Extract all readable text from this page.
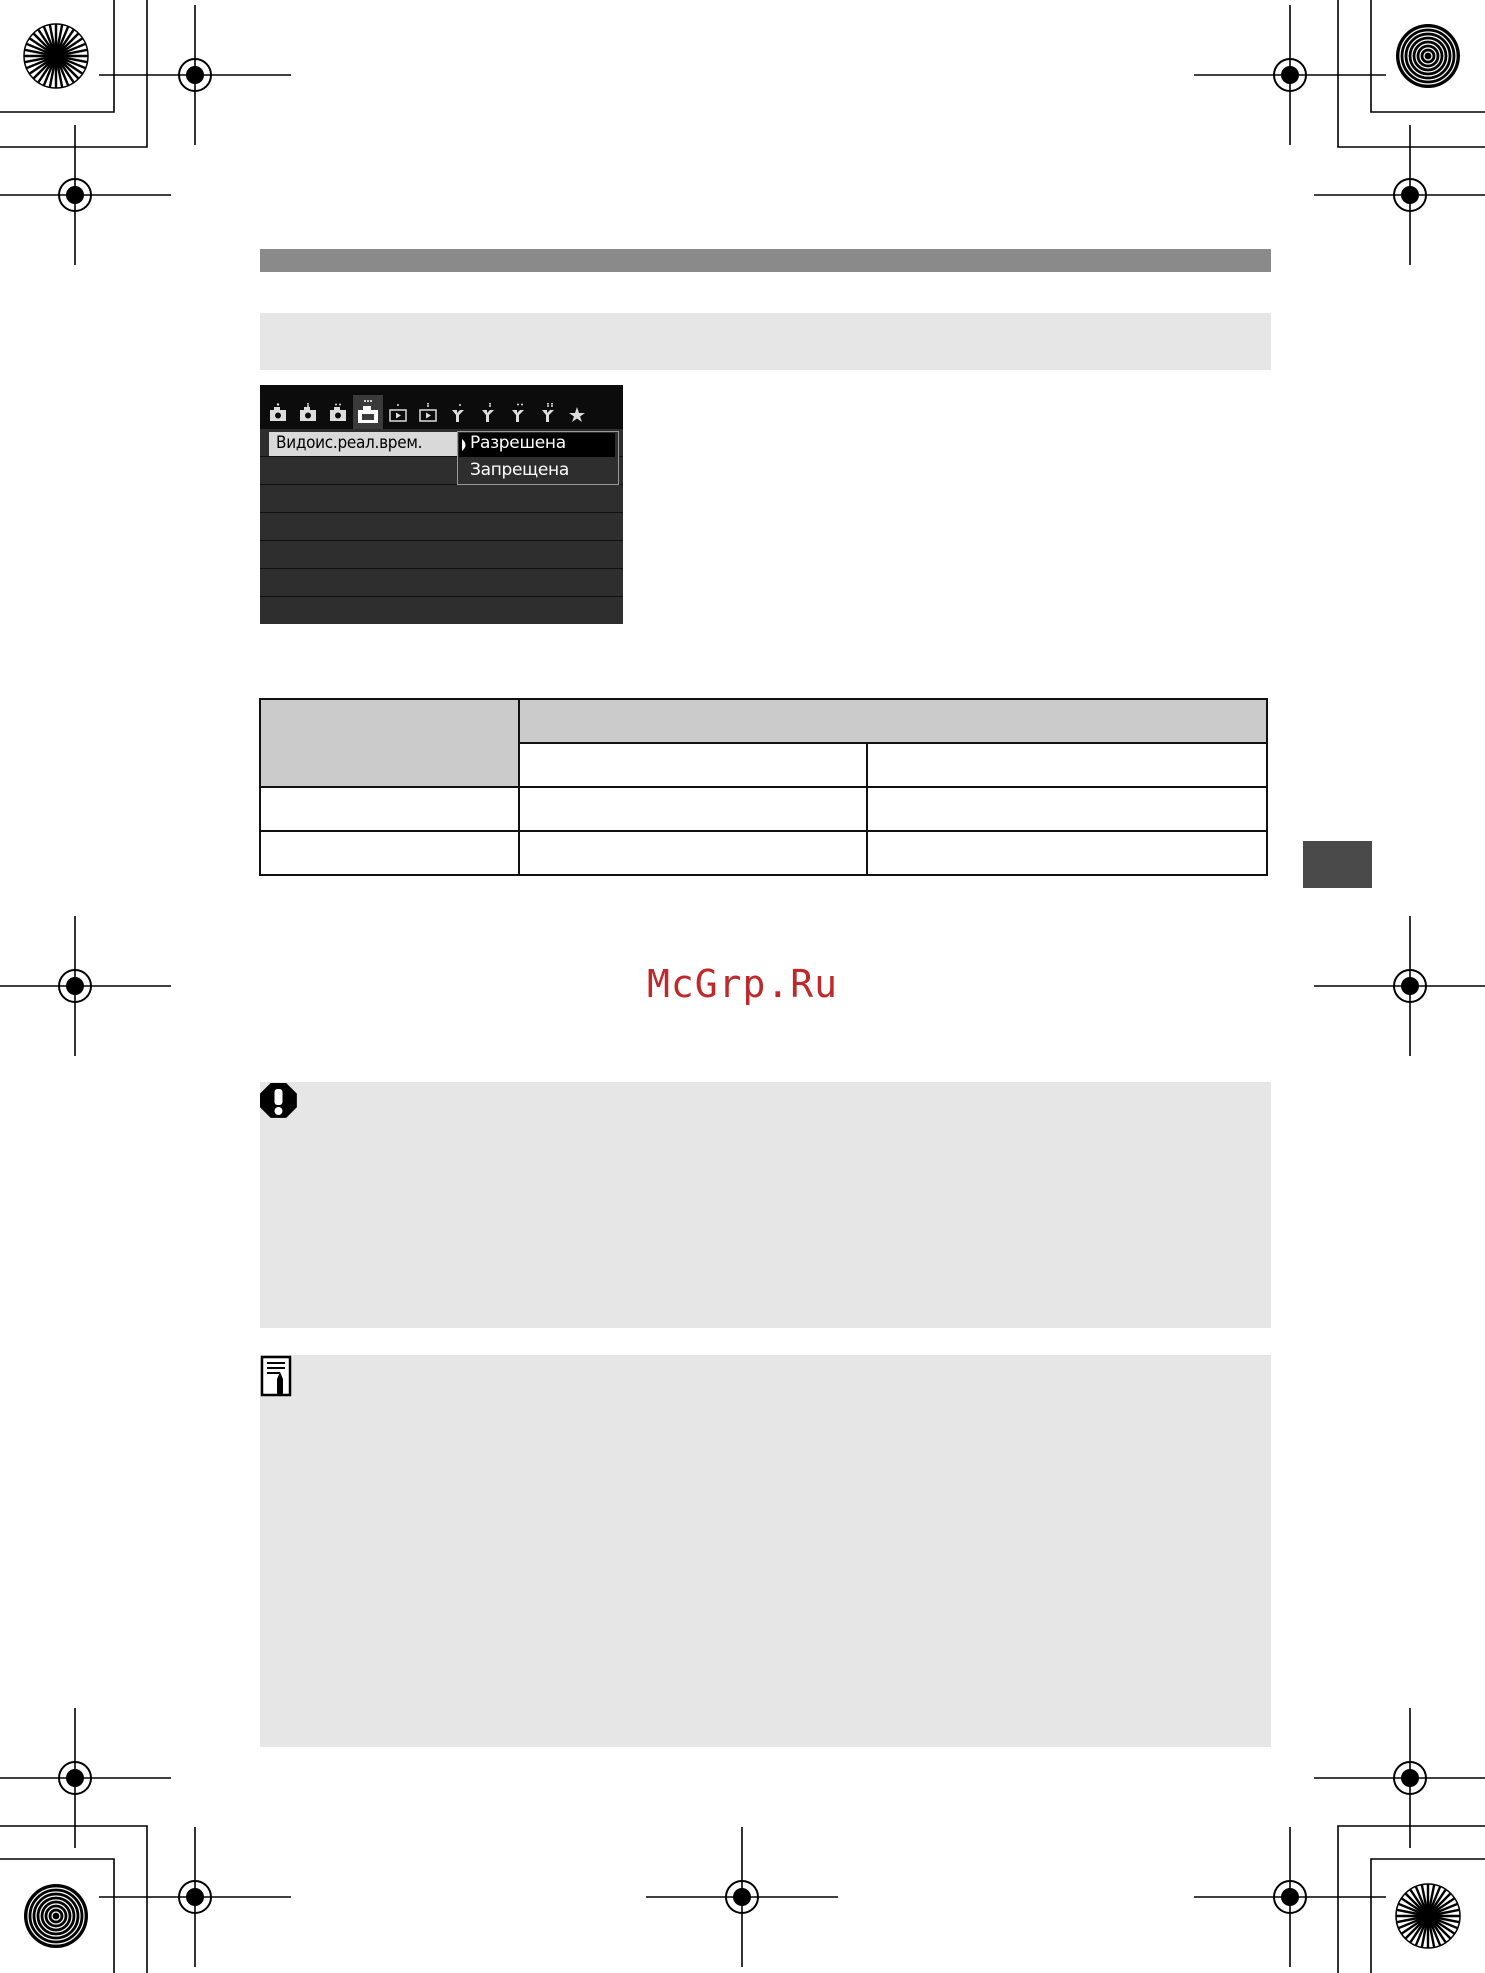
Видоис.реал.врем.	Разрешена
Запрещена

McGrp.Ru
